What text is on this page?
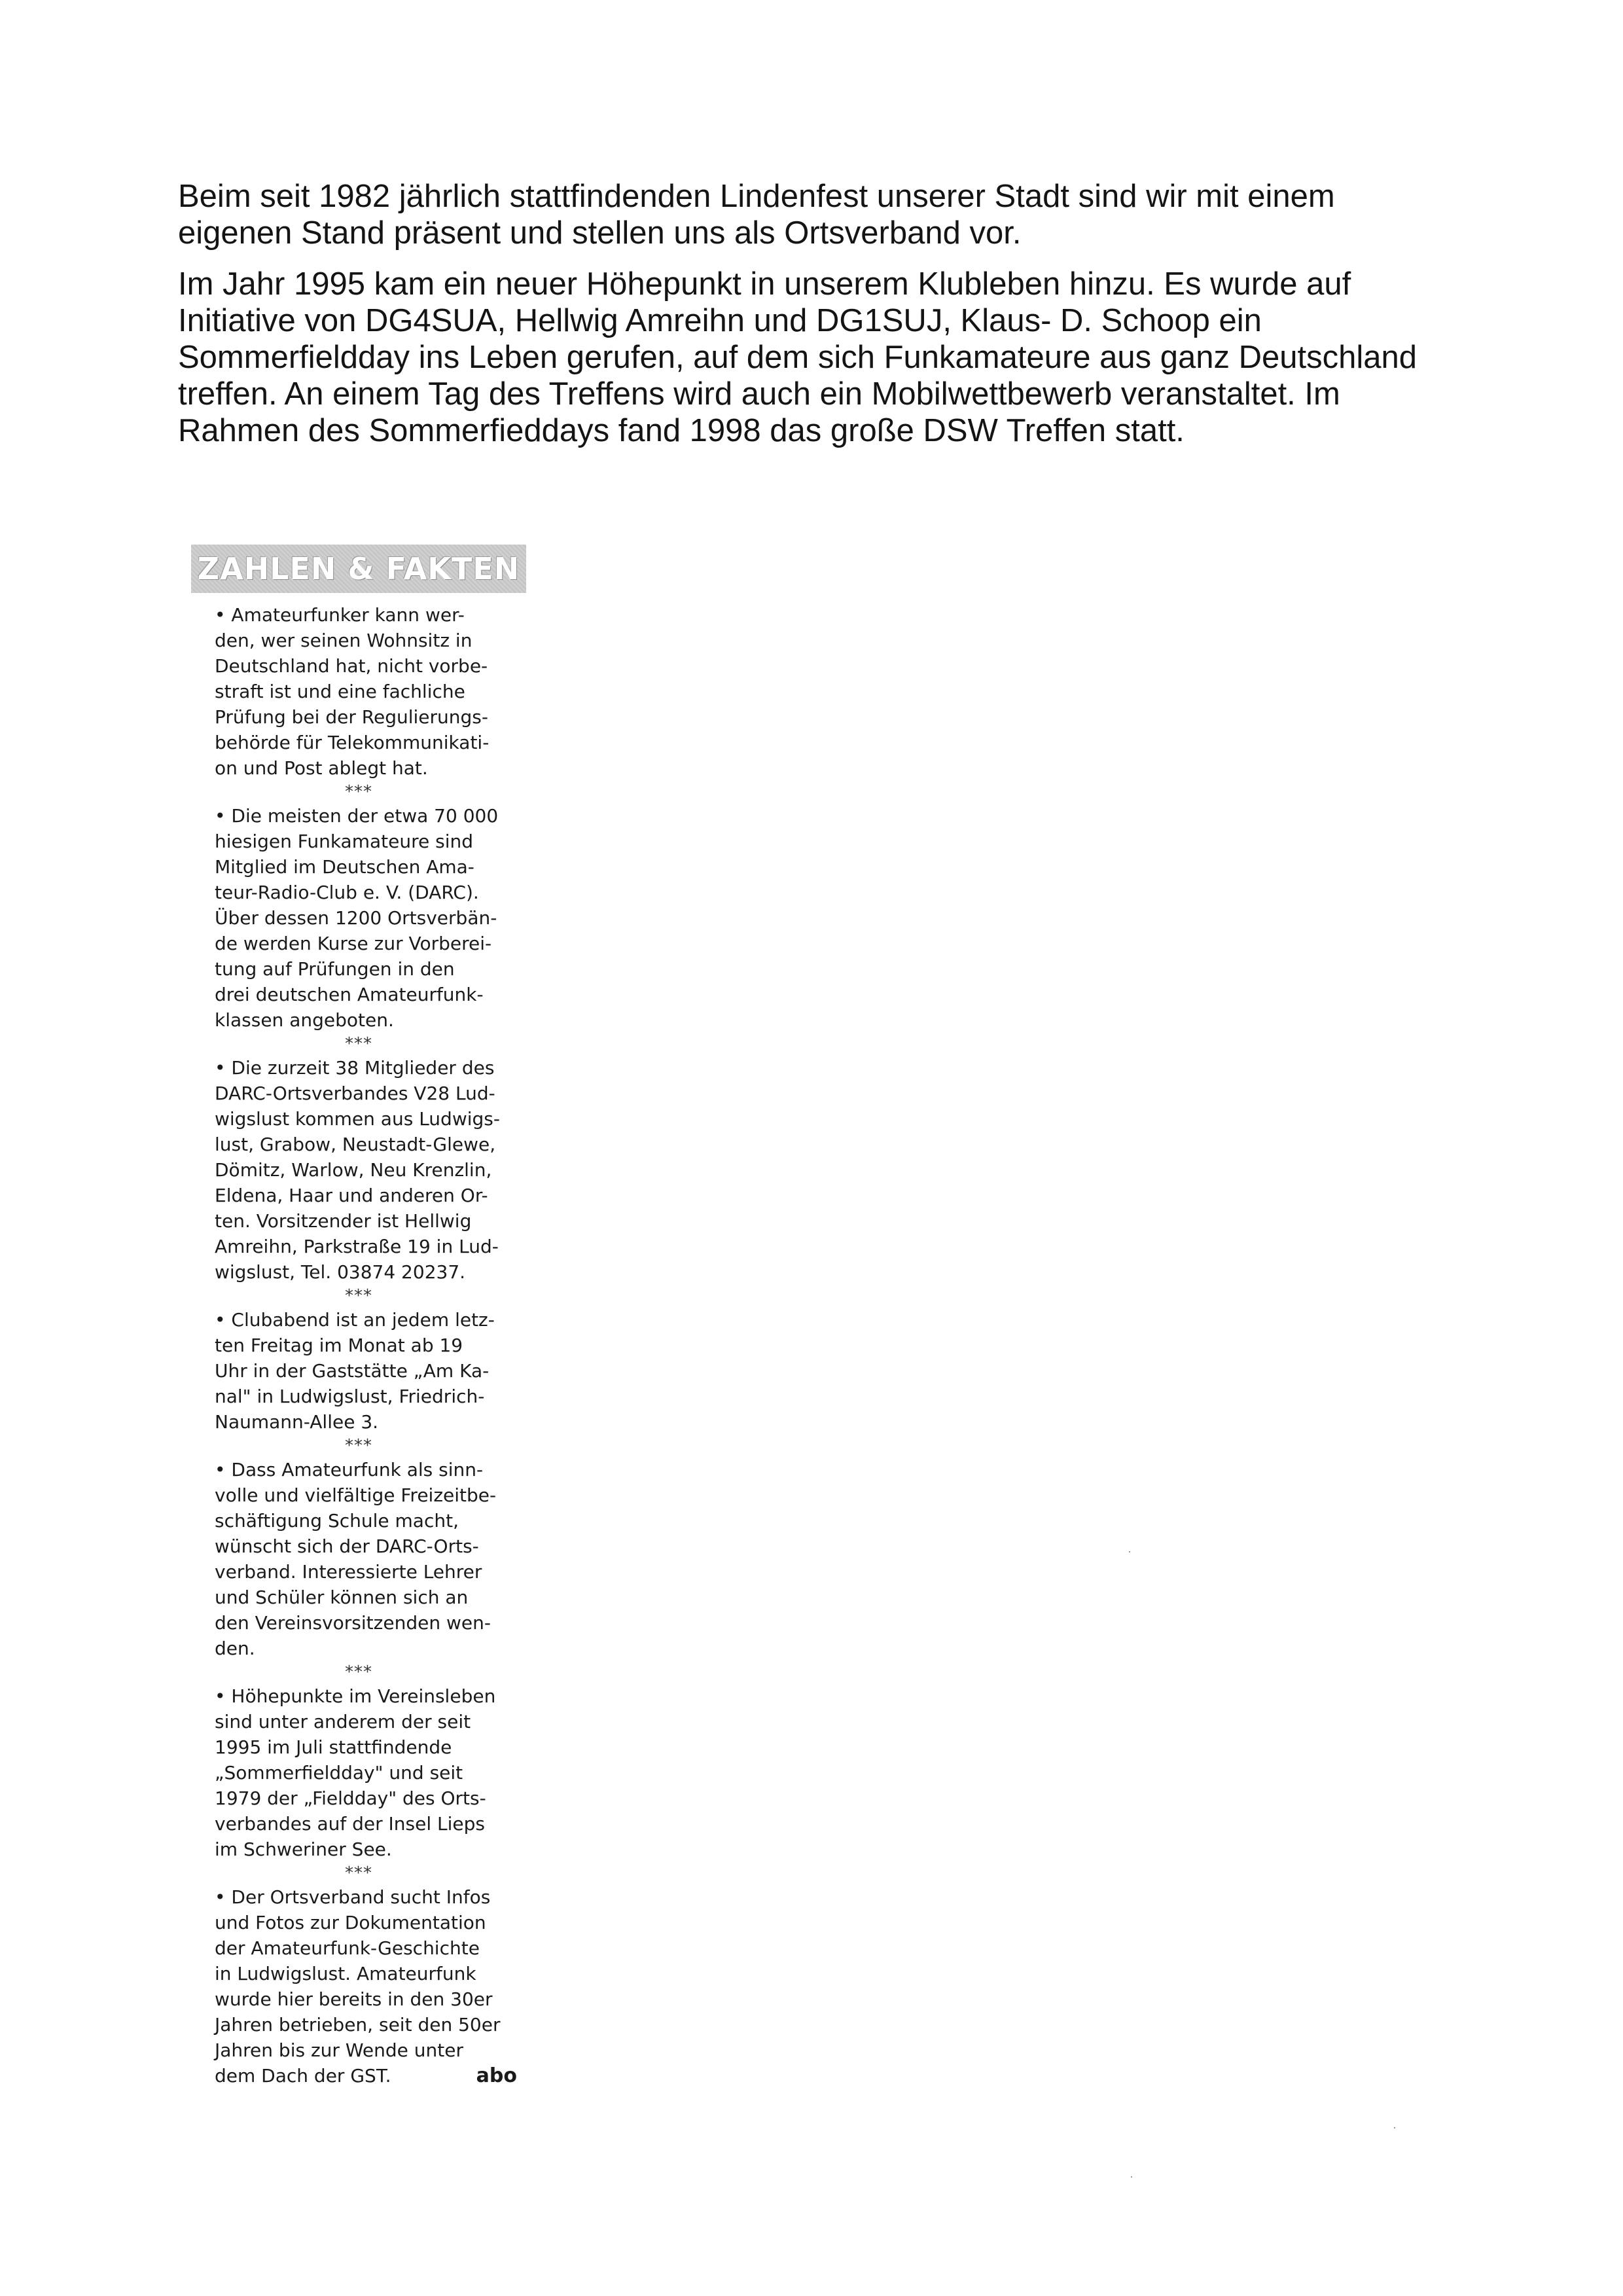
Beim seit 1982 jährlich stattfindenden Lindenfest unserer Stadt sind wir mit einem eigenen Stand präsent und stellen uns als Ortsverband vor.

Im Jahr 1995 kam ein neuer Höhepunkt in unserem Klubleben hinzu. Es wurde auf Initiative von DG4SUA, Hellwig Amreihn und DG1SUJ, Klaus- D. Schoop ein Sommerfieldday ins Leben gerufen, auf dem sich Funkamateure aus ganz Deutschland treffen. An einem Tag des Treffens wird auch ein Mobilwettbewerb veranstaltet. Im Rahmen des Sommerfieddays fand 1998 das große DSW Treffen statt.

ZAHLEN & FAKTEN

• Amateurfunker kann wer-
den, wer seinen Wohnsitz in
Deutschland hat, nicht vorbe-
straft ist und eine fachliche
Prüfung bei der Regulierungs-
behörde für Telekommunikati-
on und Post ablegt hat.

***

• Die meisten der etwa 70 000
hiesigen Funkamateure sind
Mitglied im Deutschen Ama-
teur-Radio-Club e. V. (DARC).
Über dessen 1200 Ortsverbän-
de werden Kurse zur Vorberei-
tung auf Prüfungen in den
drei deutschen Amateurfunk-
klassen angeboten.

***

• Die zurzeit 38 Mitglieder des
DARC-Ortsverbandes V28 Lud-
wigslust kommen aus Ludwigs-
lust, Grabow, Neustadt-Glewe,
Dömitz, Warlow, Neu Krenzlin,
Eldena, Haar und anderen Or-
ten. Vorsitzender ist Hellwig
Amreihn, Parkstraße 19 in Lud-
wigslust, Tel. 03874 20237.

***

• Clubabend ist an jedem letz-
ten Freitag im Monat ab 19
Uhr in der Gaststätte „Am Ka-
nal" in Ludwigslust, Friedrich-
Naumann-Allee 3.

***

• Dass Amateurfunk als sinn-
volle und vielfältige Freizeitbe-
schäftigung Schule macht,
wünscht sich der DARC-Orts-
verband. Interessierte Lehrer
und Schüler können sich an
den Vereinsvorsitzenden wen-
den.

***

• Höhepunkte im Vereinsleben
sind unter anderem der seit
1995 im Juli stattfindende
„Sommerfieldday" und seit
1979 der „Fieldday" des Orts-
verbandes auf der Insel Lieps
im Schweriner See.

***

• Der Ortsverband sucht Infos
und Fotos zur Dokumentation
der Amateurfunk-Geschichte
in Ludwigslust. Amateurfunk
wurde hier bereits in den 30er
Jahren betrieben, seit den 50er
Jahren bis zur Wende unter
dem Dach der GST.	abo
